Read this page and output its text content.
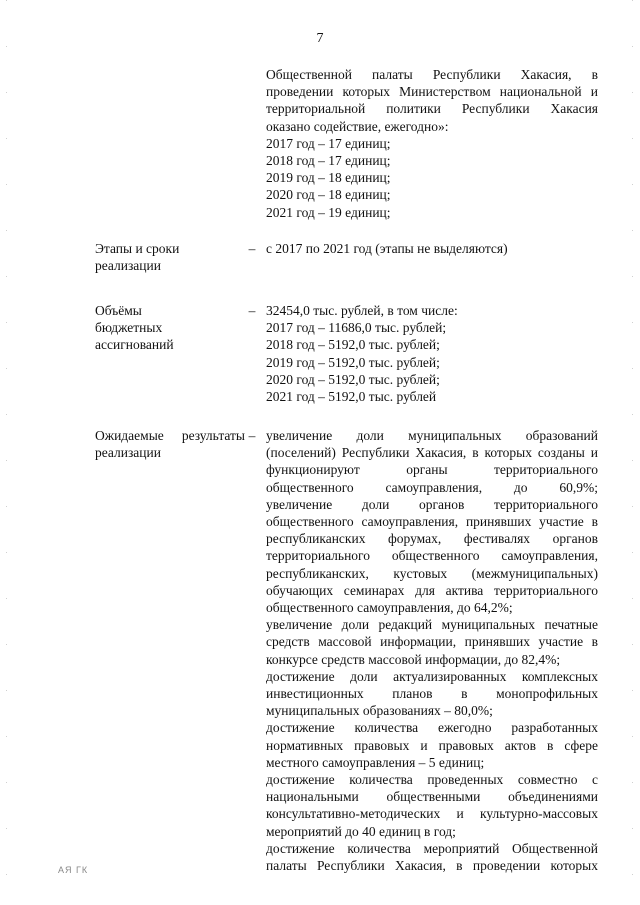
7
Общественной палаты Республики Хакасия, в
проведении которых Министерством национальной и
территориальной политики Республики Хакасия
оказано содействие, ежегодно»:
2017 год – 17 единиц;
2018 год – 17 единиц;
2019 год – 18 единиц;
2020 год – 18 единиц;
2021 год – 19 единиц;
Этапы и сроки
реализации
– с 2017 по 2021 год (этапы не выделяются)
Объёмы
бюджетных
ассигнований
– 32454,0 тыс. рублей, в том числе:
2017 год – 11686,0 тыс. рублей;
2018 год – 5192,0 тыс. рублей;
2019 год – 5192,0 тыс. рублей;
2020 год – 5192,0 тыс. рублей;
2021 год – 5192,0 тыс. рублей
Ожидаемые результаты
реализации
– увеличение доли муниципальных образований
(поселений) Республики Хакасия, в которых созданы и
функционируют органы территориального
общественного самоуправления, до 60,9%;
увеличение доли органов территориального
общественного самоуправления, принявших участие в
республиканских форумах, фестивалях органов
территориального общественного самоуправления,
республиканских, кустовых (межмуниципальных)
обучающих семинарах для актива территориального
общественного самоуправления, до 64,2%;
увеличение доли редакций муниципальных печатные
средств массовой информации, принявших участие в
конкурсе средств массовой информации, до 82,4%;
достижение доли актуализированных комплексных
инвестиционных планов в монопрофильных
муниципальных образованиях – 80,0%;
достижение количества ежегодно разработанных
нормативных правовых и правовых актов в сфере
местного самоуправления – 5 единиц;
достижение количества проведенных совместно с
национальными общественными объединениями
консультативно-методических и культурно-массовых
мероприятий до 40 единиц в год;
достижение количества мероприятий Общественной
палаты Республики Хакасия, в проведении которых
АЯ ГК
